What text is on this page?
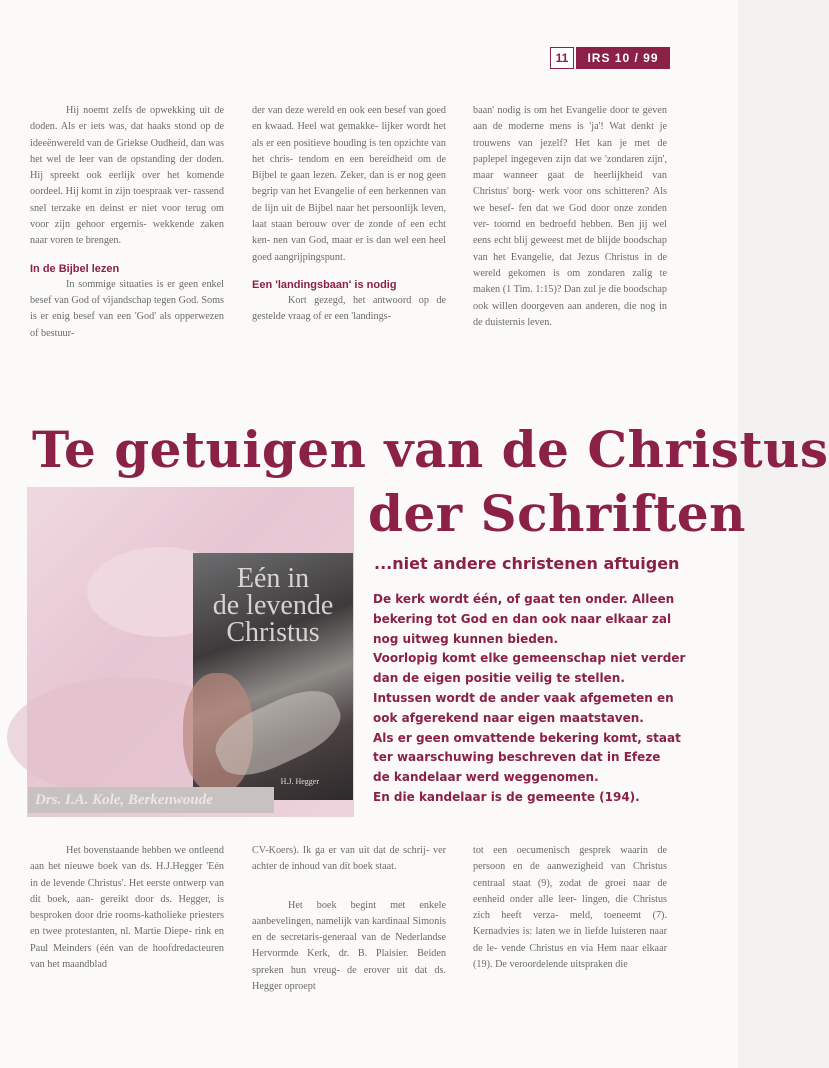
11	IRS 10 / 99

Hij noemt zelfs de opwekking uit de doden. Als er iets was, dat haaks stond op de ideeënwereld van de Griekse Oudheid, dan was het wel de leer van de opstanding der doden. Hij spreekt ook eerlijk over het komende oordeel. Hij komt in zijn toespraak ver- rassend snel terzake en deinst er niet voor terug om voor zijn gehoor ergernis- wekkende zaken naar voren te brengen.

In de Bijbel lezen

In sommige situaties is er geen enkel besef van God of vijandschap tegen God. Soms is er enig besef van een 'God' als opperwezen of bestuur-

der van deze wereld en ook een besef van goed en kwaad. Heel wat gemakke- lijker wordt het als er een positieve houding is ten opzichte van het chris- tendom en een bereidheid om de Bijbel te gaan lezen. Zeker, dan is er nog geen begrip van het Evangelie of een herkennen van de lijn uit de Bijbel naar het persoonlijk leven, laat staan berouw over de zonde of een echt ken- nen van God, maar er is dan wel een heel goed aangrijpingspunt.

Een 'landingsbaan' is nodig

Kort gezegd, het antwoord op de gestelde vraag of er een 'landings-

baan' nodig is om het Evangelie door te geven aan de moderne mens is 'ja'! Wat denkt je trouwens van jezelf? Het kan je met de paplepel ingegeven zijn dat we 'zondaren zijn', maar wanneer gaat de heerlijkheid van Christus' borg- werk voor ons schitteren? Als we besef- fen dat we God door onze zonden ver- toornd en bedroefd hebben. Ben jij wel eens echt blij geweest met de blijde boodschap van het Evangelie, dat Jezus Christus in de wereld gekomen is om zondaren zalig te maken (1 Tim. 1:15)? Dan zul je die boodschap ook willen doorgeven aan anderen, die nog in de duisternis leven.

Te getuigen van de Christus
der Schriften
Eén in
de levende
Christus
H.J. Hegger
Drs. I.A. Kole, Berkenwoude
...niet andere christenen aftuigen
De kerk wordt één, of gaat ten onder. Alleen
bekering tot God en dan ook naar elkaar zal
nog uitweg kunnen bieden.
Voorlopig komt elke gemeenschap niet verder
dan de eigen positie veilig te stellen.
Intussen wordt de ander vaak afgemeten en
ook afgerekend naar eigen maatstaven.
Als er geen omvattende bekering komt, staat
ter waarschuwing beschreven dat in Efeze
de kandelaar werd weggenomen.
En die kandelaar is de gemeente (194).

Het bovenstaande hebben we ontleend aan het nieuwe boek van ds. H.J.Hegger 'Eén in de levende Christus'. Het eerste ontwerp van dit boek, aan- gereikt door ds. Hegger, is besproken door drie rooms-katholieke priesters en twee protestanten, nl. Martie Diepe- rink en Paul Meinders (één van de hoofdredacteuren van het maandblad

CV-Koers). Ik ga er van uit dat de schrij- ver achter de inhoud van dit boek staat.

Het boek begint met enkele aanbevelingen, namelijk van kardinaal Simonis en de secretaris-generaal van de Nederlandse Hervormde Kerk, dr. B. Plaisier. Beiden spreken hun vreug- de erover uit dat ds. Hegger oproept

tot een oecumenisch gesprek waarin de persoon en de aanwezigheid van Christus centraal staat (9), zodat de groei naar de eenheid onder alle leer- lingen, die Christus zich heeft verza- meld, toeneemt (7). Kernadvies is: laten we in liefde luisteren naar de le- vende Christus en via Hem naar elkaar (19). De veroordelende uitspraken die
